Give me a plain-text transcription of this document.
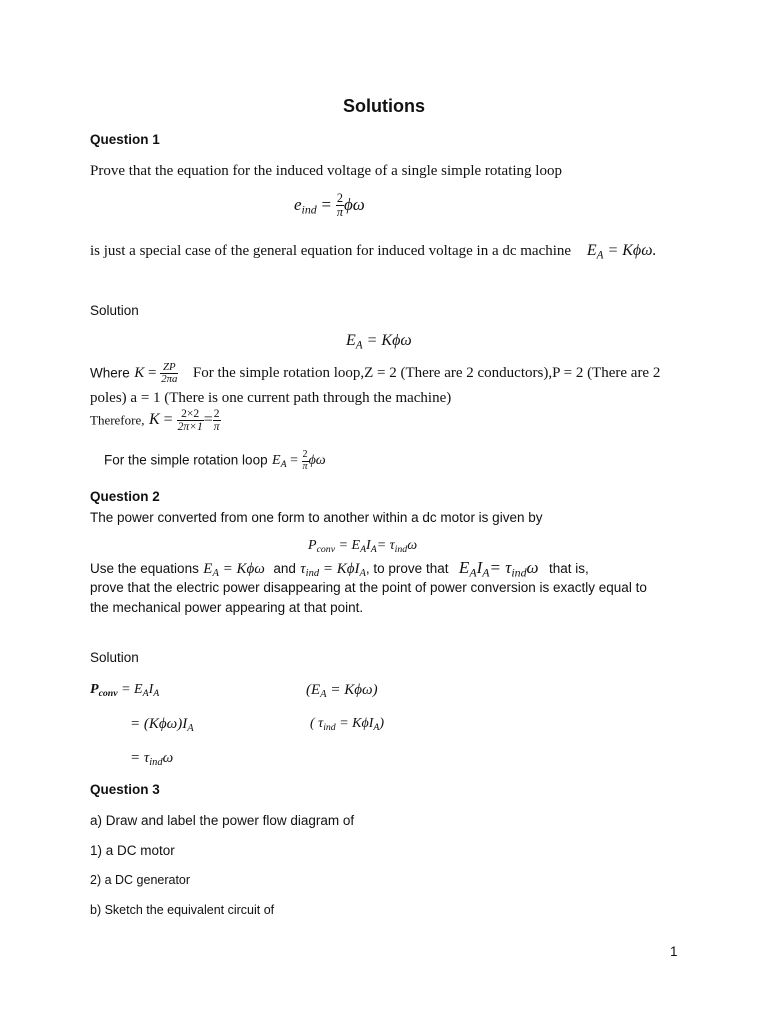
Solutions
Question 1
Prove that the equation for the induced voltage of a single simple rotating loop
$e_{ind} = \frac{2}{\pi}$ ϕω
is just a special case of the general equation for induced voltage in a dc machine $E_A = K\phi\omega$.
Solution
$E_A = K\phi\omega$
Where $K = \frac{ZP}{2\pi a}$ For the simple rotation loop,Z = 2 (There are 2 conductors),P = 2 (There are 2
poles) a = 1 (There is one current path through the machine)
Therefore, $K = \frac{2\times 2}{2\pi\times 1} = \frac{2}{\pi}$
For the simple rotation loop $E_A = \frac{2}{\pi}$ ϕω
Question 2
The power converted from one form to another within a dc motor is given by
$P_{conv} = E_AI_A= \tau_{ind}\omega$
Use the equations $E_A = K\phi\omega$ and $\tau_{ind} = K\phi I_A$, to prove that $E_AI_A= \tau_{ind}\omega$ that is,
prove that the electric power disappearing at the point of power conversion is exactly equal to
the mechanical power appearing at that point.
Solution
$P_{conv} = E_AI_A$	$(E_A = K\phi\omega)$
= $(K\phi\omega)I_A$	( $\tau_{ind} = K\phi I_A$)
= $\tau_{ind}\omega$
Question 3
a) Draw and label the power flow diagram of
1) a DC motor
2) a DC generator
b) Sketch the equivalent circuit of
1
